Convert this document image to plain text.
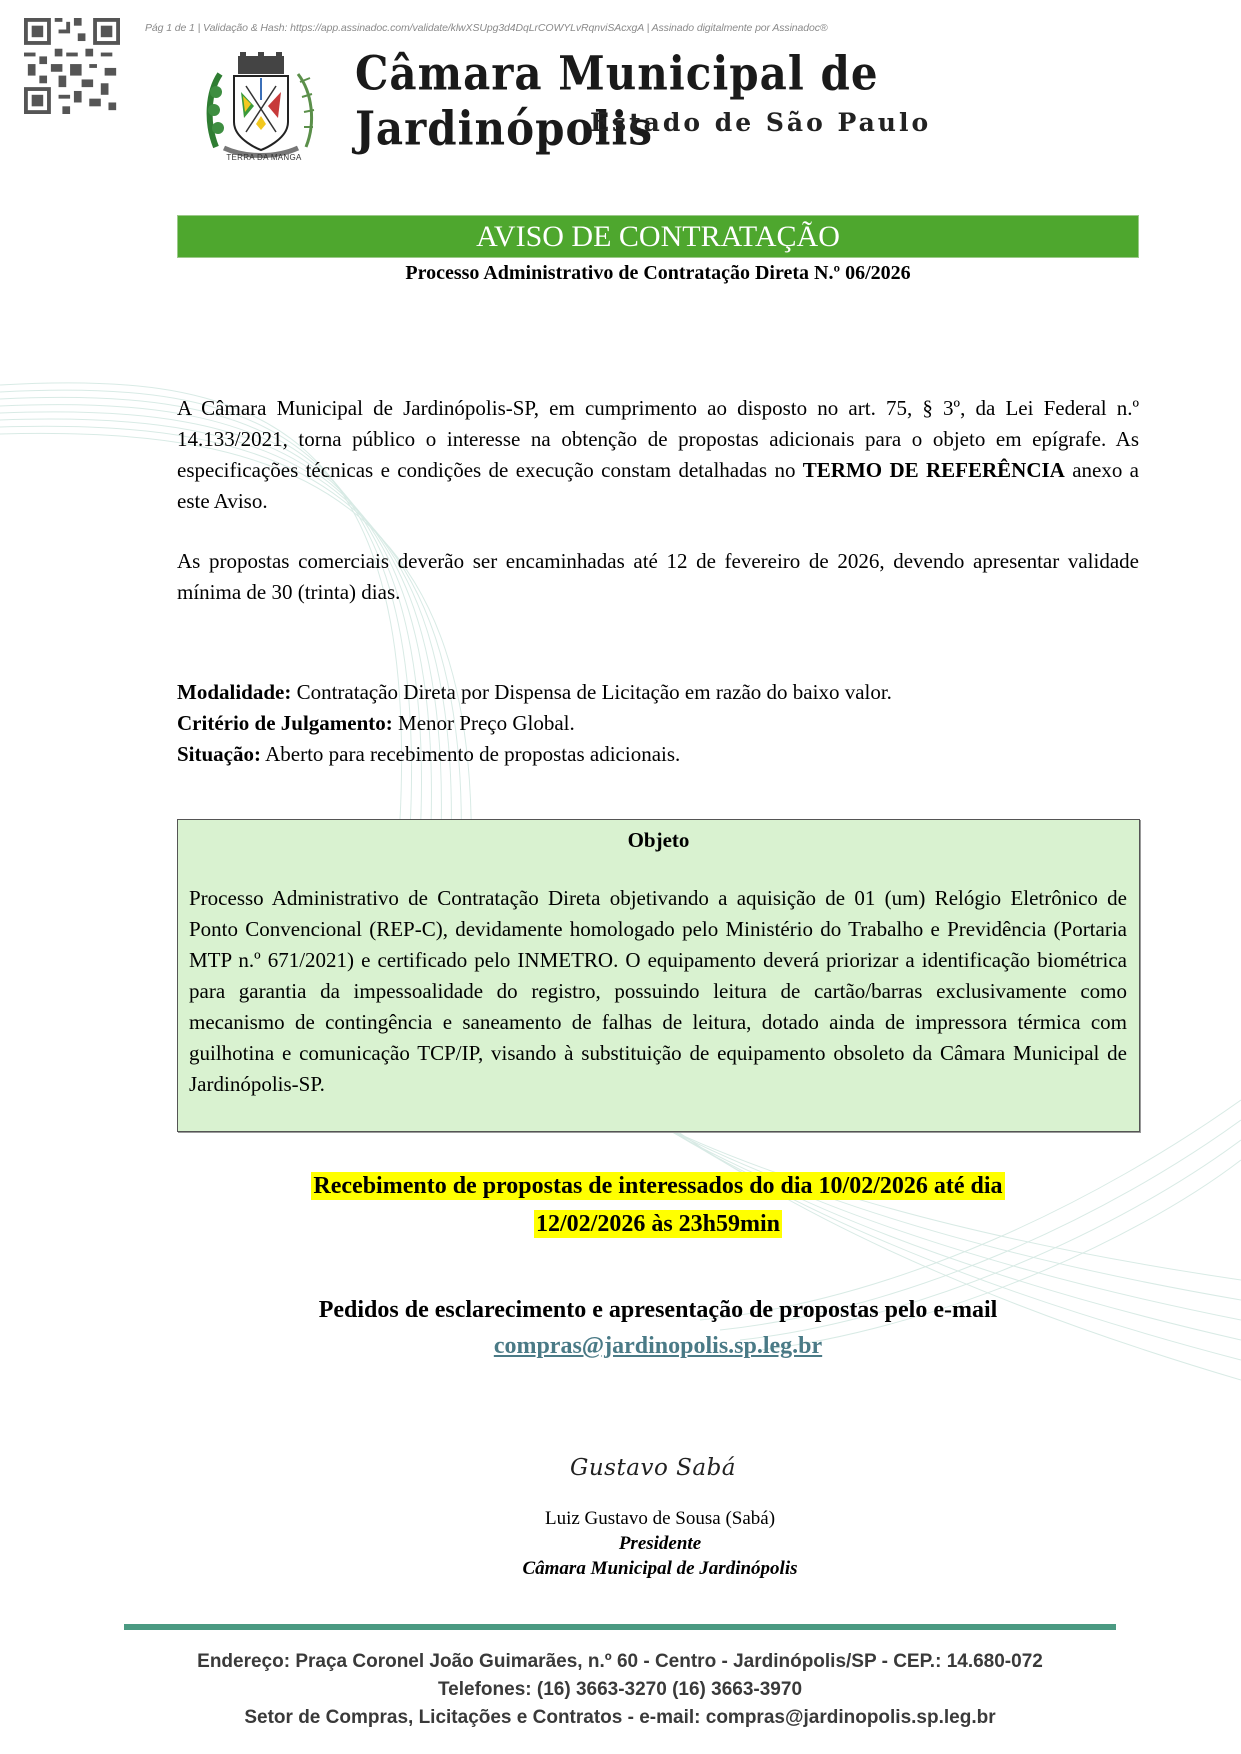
Pág 1 de 1 | Validação & Hash: https://app.assinadoc.com/validate/klwXSUpg3d4DqLrCOWYLvRqnviSAcxgA | Assinado digitalmente por Assinadoc®
TERRA DA MANGA
Câmara Municipal de Jardinópolis
Estado de São Paulo
AVISO DE CONTRATAÇÃO
Processo Administrativo de Contratação Direta N.º 06/2026
A Câmara Municipal de Jardinópolis-SP, em cumprimento ao disposto no art. 75, § 3º, da Lei Federal n.º 14.133/2021, torna público o interesse na obtenção de propostas adicionais para o objeto em epígrafe. As especificações técnicas e condições de execução constam detalhadas no TERMO DE REFERÊNCIA anexo a este Aviso.
As propostas comerciais deverão ser encaminhadas até 12 de fevereiro de 2026, devendo apresentar validade mínima de 30 (trinta) dias.
Modalidade: Contratação Direta por Dispensa de Licitação em razão do baixo valor.
Critério de Julgamento: Menor Preço Global.
Situação: Aberto para recebimento de propostas adicionais.
Objeto
Processo Administrativo de Contratação Direta objetivando a aquisição de 01 (um) Relógio Eletrônico de Ponto Convencional (REP-C), devidamente homologado pelo Ministério do Trabalho e Previdência (Portaria MTP n.º 671/2021) e certificado pelo INMETRO. O equipamento deverá priorizar a identificação biométrica para garantia da impessoalidade do registro, possuindo leitura de cartão/barras exclusivamente como mecanismo de contingência e saneamento de falhas de leitura, dotado ainda de impressora térmica com guilhotina e comunicação TCP/IP, visando à substituição de equipamento obsoleto da Câmara Municipal de Jardinópolis-SP.
Recebimento de propostas de interessados do dia 10/02/2026 até dia
12/02/2026 às 23h59min
Pedidos de esclarecimento e apresentação de propostas pelo e-mail
compras@jardinopolis.sp.leg.br
Gustavo Sabá
Luiz Gustavo de Sousa (Sabá)
Presidente
Câmara Municipal de Jardinópolis
Endereço: Praça Coronel João Guimarães, n.º 60 - Centro - Jardinópolis/SP - CEP.: 14.680-072
Telefones: (16) 3663-3270 (16) 3663-3970
Setor de Compras, Licitações e Contratos - e-mail: compras@jardinopolis.sp.leg.br
